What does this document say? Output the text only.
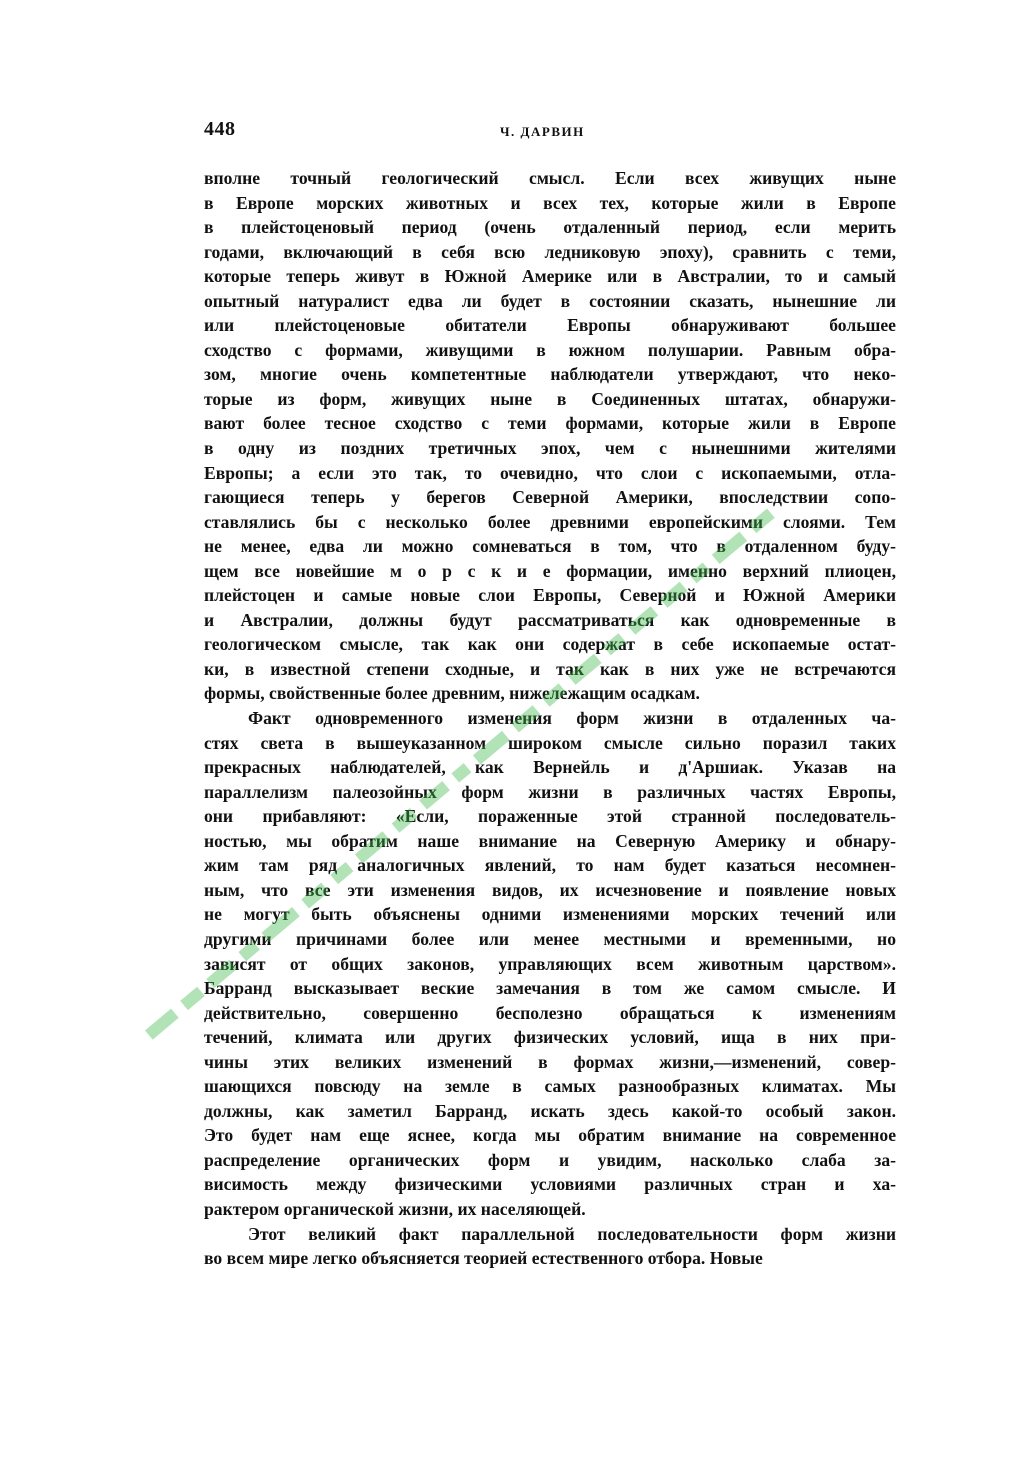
448	Ч. ДАРВИН
вполне точный геологический смысл. Если всех живущих ныне
в Европе морских животных и всех тех, которые жили в Европе
в плейстоценовый период (очень отдаленный период, если мерить
годами, включающий в себя всю ледниковую эпоху), сравнить с теми,
которые теперь живут в Южной Америке или в Австралии, то и самый
опытный натуралист едва ли будет в состоянии сказать, нынешние ли
или плейстоценовые обитатели Европы обнаруживают большее
сходство с формами, живущими в южном полушарии. Равным обра-
зом, многие очень компетентные наблюдатели утверждают, что неко-
торые из форм, живущих ныне в Соединенных штатах, обнаружи-
вают более тесное сходство с теми формами, которые жили в Европе
в одну из поздних третичных эпох, чем с нынешними жителями
Европы; а если это так, то очевидно, что слои с ископаемыми, отла-
гающиеся теперь у берегов Северной Америки, впоследствии сопо-
ставлялись бы с несколько более древними европейскими слоями. Тем
не менее, едва ли можно сомневаться в том, что в отдаленном буду-
щем все новейшие м о р с к и е формации, именно верхний плиоцен,
плейстоцен и самые новые слои Европы, Северной и Южной Америки
и Австралии, должны будут рассматриваться как одновременные в
геологическом смысле, так как они содержат в себе ископаемые остат-
ки, в известной степени сходные, и так как в них уже не встречаются
формы, свойственные более древним, нижележащим осадкам.
Факт одновременного изменения форм жизни в отдаленных ча-
стях света в вышеуказанном широком смысле сильно поразил таких
прекрасных наблюдателей, как Вернейль и д'Аршиак. Указав на
параллелизм палеозойных форм жизни в различных частях Европы,
они прибавляют: «Если, пораженные этой странной последователь-
ностью, мы обратим наше внимание на Северную Америку и обнару-
жим там ряд аналогичных явлений, то нам будет казаться несомнен-
ным, что все эти изменения видов, их исчезновение и появление новых
не могут быть объяснены одними изменениями морских течений или
другими причинами более или менее местными и временными, но
зависят от общих законов, управляющих всем животным царством».
Барранд высказывает веские замечания в том же самом смысле. И
действительно, совершенно бесполезно обращаться к изменениям
течений, климата или других физических условий, ища в них при-
чины этих великих изменений в формах жизни,—изменений, совер-
шающихся повсюду на земле в самых разнообразных климатах. Мы
должны, как заметил Барранд, искать здесь какой-то особый закон.
Это будет нам еще яснее, когда мы обратим внимание на современное
распределение органических форм и увидим, насколько слаба за-
висимость между физическими условиями различных стран и ха-
рактером органической жизни, их населяющей.
Этот великий факт параллельной последовательности форм жизни
во всем мире легко объясняется теорией естественного отбора. Новые
